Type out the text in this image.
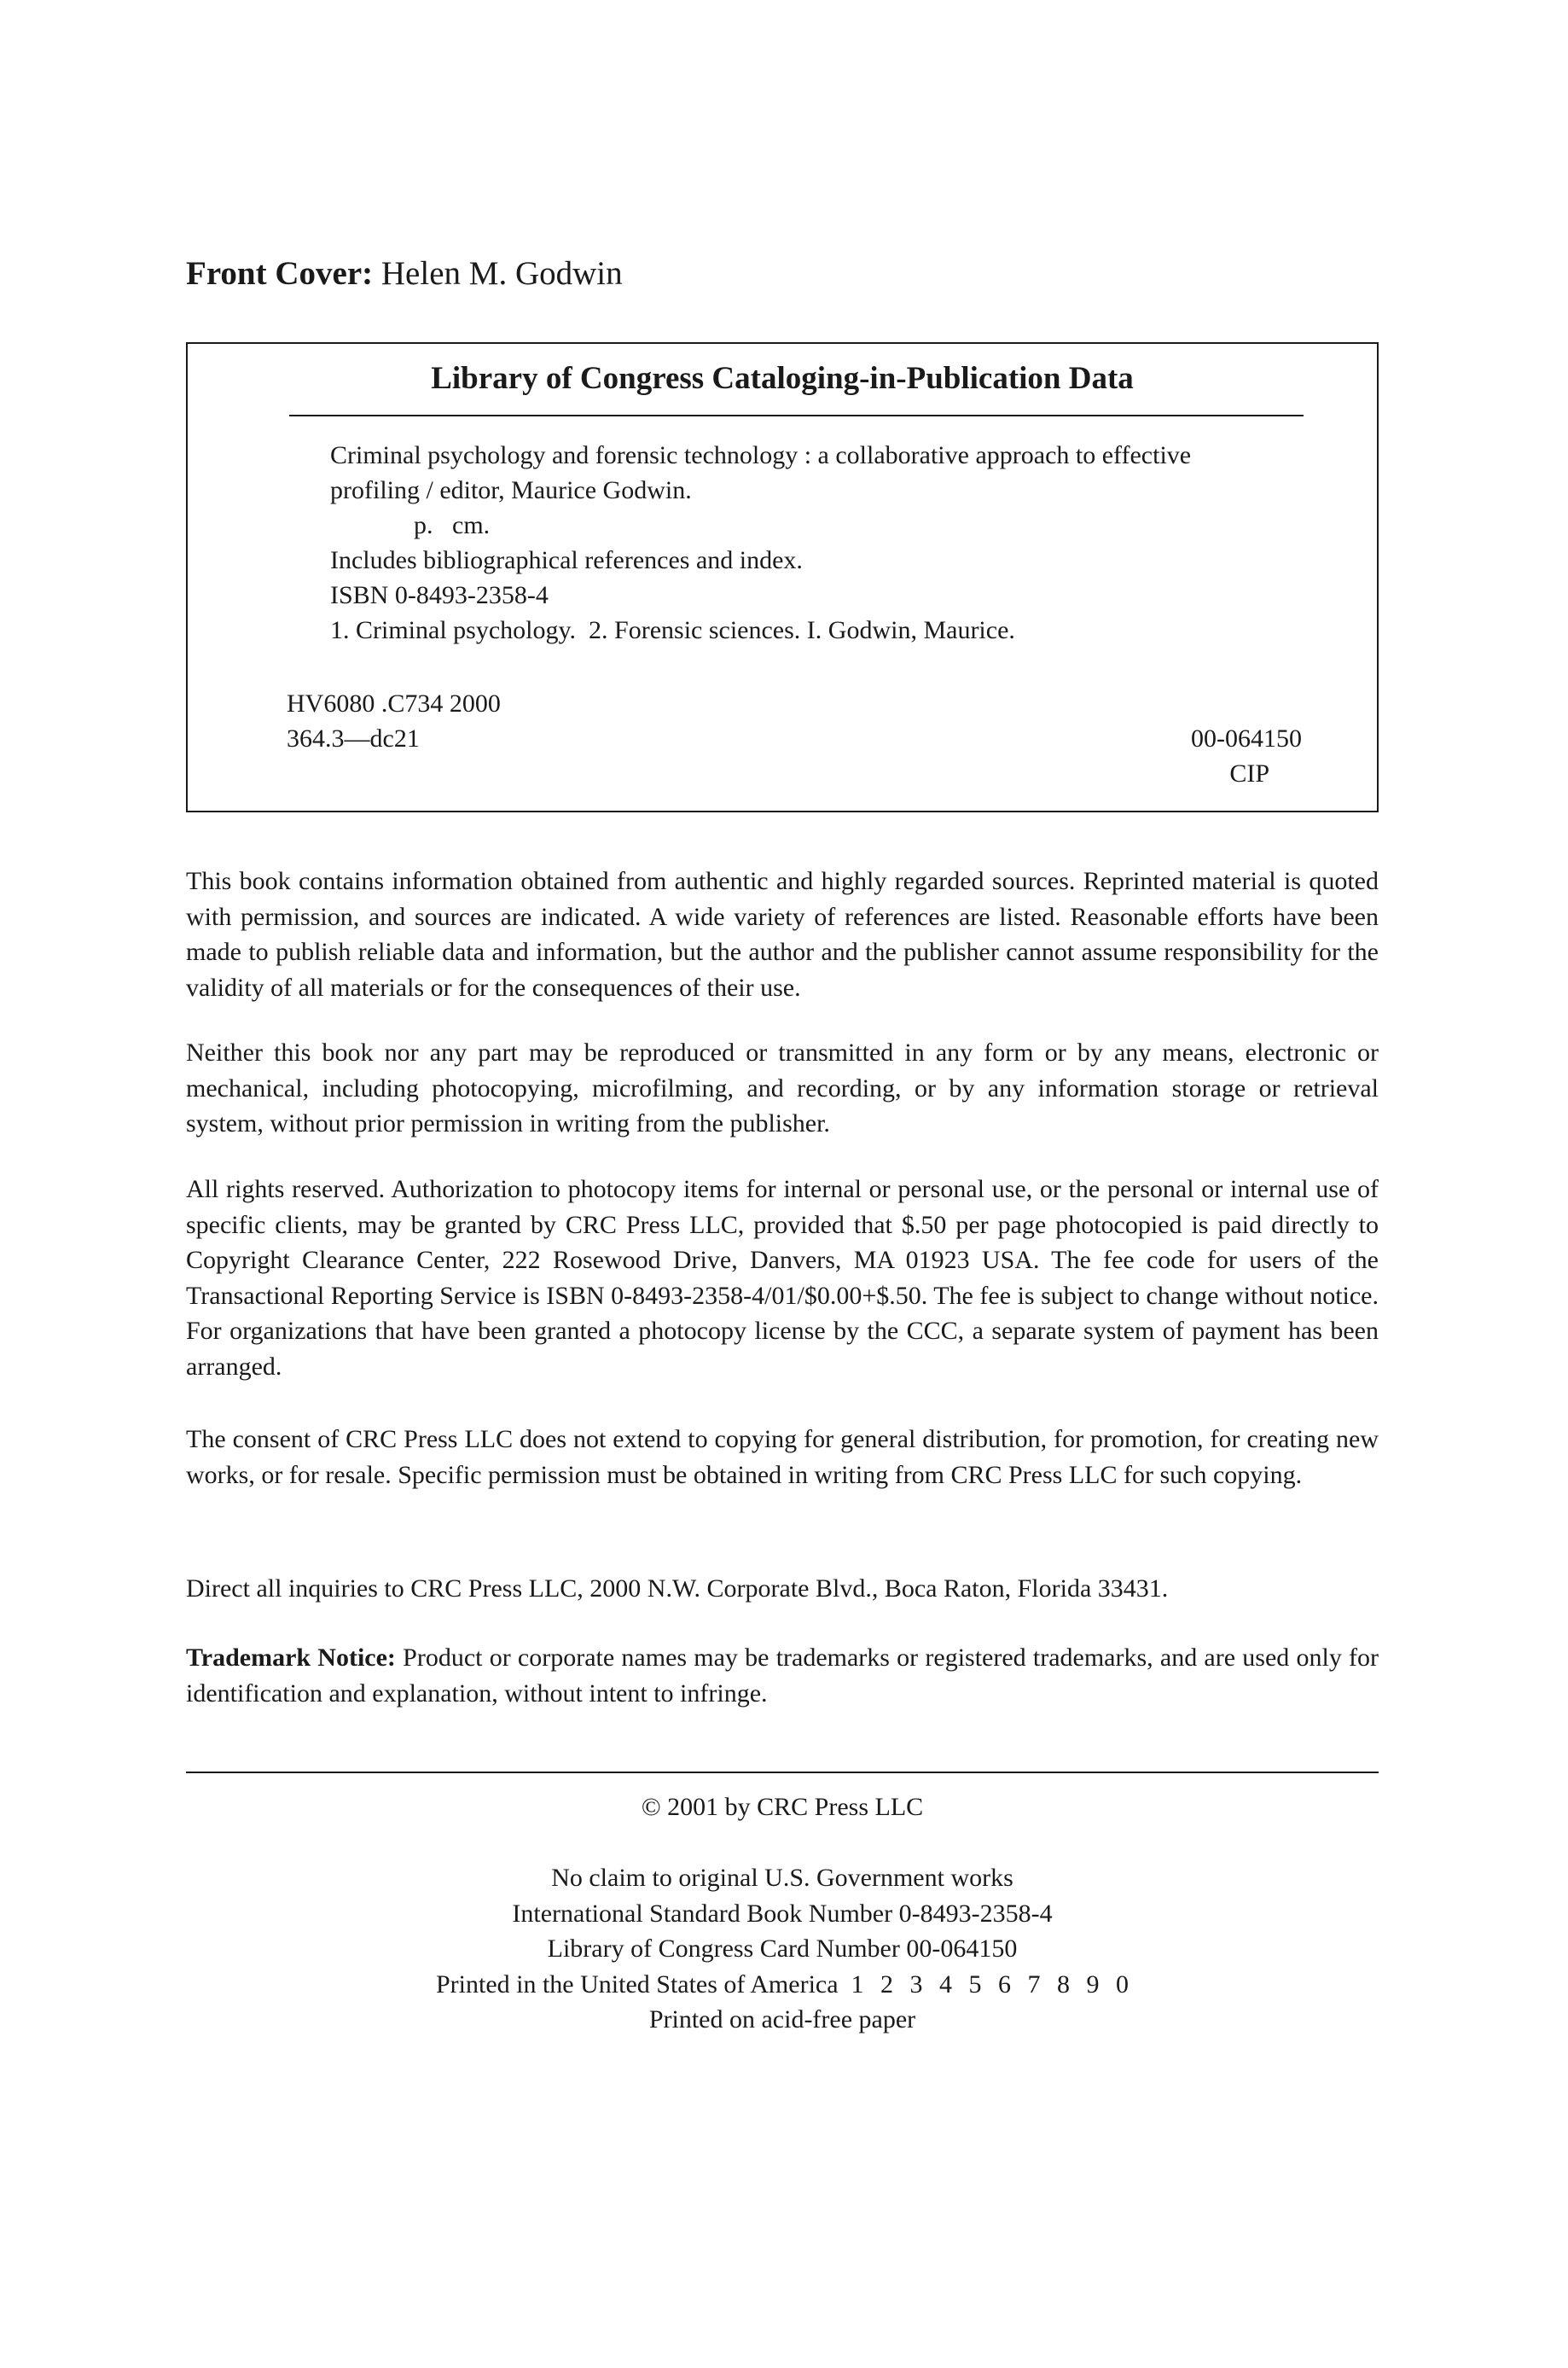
Front Cover: Helen M. Godwin
Library of Congress Cataloging-in-Publication Data
Criminal psychology and forensic technology : a collaborative approach to effective
profiling / editor, Maurice Godwin.
p.   cm.
Includes bibliographical references and index.
ISBN 0-8493-2358-4
1. Criminal psychology.  2. Forensic sciences. I. Godwin, Maurice.
HV6080 .C734 2000
364.3—dc21	00-064150
CIP

This book contains information obtained from authentic and highly regarded sources. Reprinted material is quoted with permission, and sources are indicated. A wide variety of references are listed. Reasonable efforts have been made to publish reliable data and information, but the author and the publisher cannot assume responsibility for the validity of all materials or for the consequences of their use.

Neither this book nor any part may be reproduced or transmitted in any form or by any means, electronic or mechanical, including photocopying, microfilming, and recording, or by any information storage or retrieval system, without prior permission in writing from the publisher.

All rights reserved. Authorization to photocopy items for internal or personal use, or the personal or internal use of specific clients, may be granted by CRC Press LLC, provided that $.50 per page photocopied is paid directly to Copyright Clearance Center, 222 Rosewood Drive, Danvers, MA 01923 USA. The fee code for users of the Transactional Reporting Service is ISBN 0-8493-2358-4/01/$0.00+$.50. The fee is subject to change without notice. For organizations that have been granted a photocopy license by the CCC, a separate system of payment has been arranged.

The consent of CRC Press LLC does not extend to copying for general distribution, for promotion, for creating new works, or for resale. Specific permission must be obtained in writing from CRC Press LLC for such copying.

Direct all inquiries to CRC Press LLC, 2000 N.W. Corporate Blvd., Boca Raton, Florida 33431.

Trademark Notice: Product or corporate names may be trademarks or registered trademarks, and are used only for identification and explanation, without intent to infringe.

© 2001 by CRC Press LLC
No claim to original U.S. Government works
International Standard Book Number 0-8493-2358-4
Library of Congress Card Number 00-064150
Printed in the United States of America 1 2 3 4 5 6 7 8 9 0
Printed on acid-free paper
